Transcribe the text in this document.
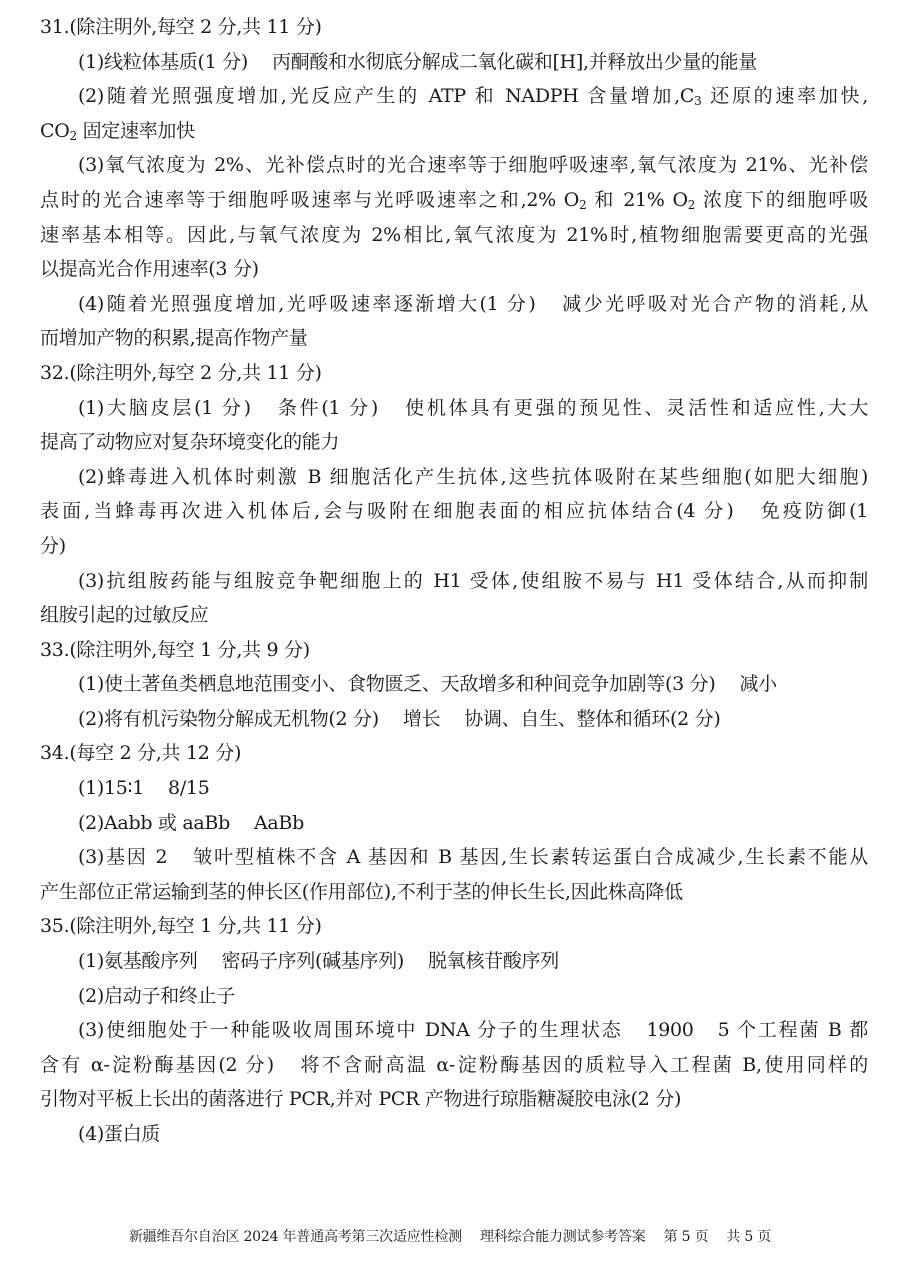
31.(除注明外,每空 2 分,共 11 分)
(1)线粒体基质(1 分) 丙酮酸和水彻底分解成二氧化碳和[H],并释放出少量的能量
(2)随着光照强度增加,光反应产生的 ATP 和 NADPH 含量增加$,C_3$ 还原的速率加快,
$CO_2$ 固定速率加快
(3)氧气浓度为 2%、光补偿点时的光合速率等于细胞呼吸速率,氧气浓度为 21%、光补偿
点时的光合速率等于细胞呼吸速率与光呼吸速率之和,2% $O_2$ 和 21% $O_2$ 浓度下的细胞呼吸
速率基本相等。因此,与氧气浓度为 2%相比,氧气浓度为 21%时,植物细胞需要更高的光强
以提高光合作用速率(3 分)
(4)随着光照强度增加,光呼吸速率逐渐增大(1 分) 减少光呼吸对光合产物的消耗,从
而增加产物的积累,提高作物产量
32.(除注明外,每空 2 分,共 11 分)
(1)大脑皮层(1 分) 条件(1 分) 使机体具有更强的预见性、灵活性和适应性,大大
提高了动物应对复杂环境变化的能力
(2)蜂毒进入机体时刺激 B 细胞活化产生抗体,这些抗体吸附在某些细胞(如肥大细胞)
表面,当蜂毒再次进入机体后,会与吸附在细胞表面的相应抗体结合(4 分) 免疫防御(1
分)
(3)抗组胺药能与组胺竞争靶细胞上的 H1 受体,使组胺不易与 H1 受体结合,从而抑制
组胺引起的过敏反应
33.(除注明外,每空 1 分,共 9 分)
(1)使土著鱼类栖息地范围变小、食物匮乏、天敌增多和种间竞争加剧等(3 分) 减小
(2)将有机污染物分解成无机物(2 分) 增长 协调、自生、整体和循环(2 分)
34.(每空 2 分,共 12 分)
(1)15∶1 8/15
(2)Aabb 或 aaBb AaBb
(3)基因 2 皱叶型植株不含 A 基因和 B 基因,生长素转运蛋白合成减少,生长素不能从
产生部位正常运输到茎的伸长区(作用部位),不利于茎的伸长生长,因此株高降低
35.(除注明外,每空 1 分,共 11 分)
(1)氨基酸序列 密码子序列(碱基序列) 脱氧核苷酸序列
(2)启动子和终止子
(3)使细胞处于一种能吸收周围环境中 DNA 分子的生理状态 1900 5 个工程菌 B 都
含有 α-淀粉酶基因(2 分) 将不含耐高温 α-淀粉酶基因的质粒导入工程菌 B,使用同样的
引物对平板上长出的菌落进行 PCR,并对 PCR 产物进行琼脂糖凝胶电泳(2 分)
(4)蛋白质
新疆维吾尔自治区 2024 年普通高考第三次适应性检测 理科综合能力测试参考答案 第 5 页 共 5 页
